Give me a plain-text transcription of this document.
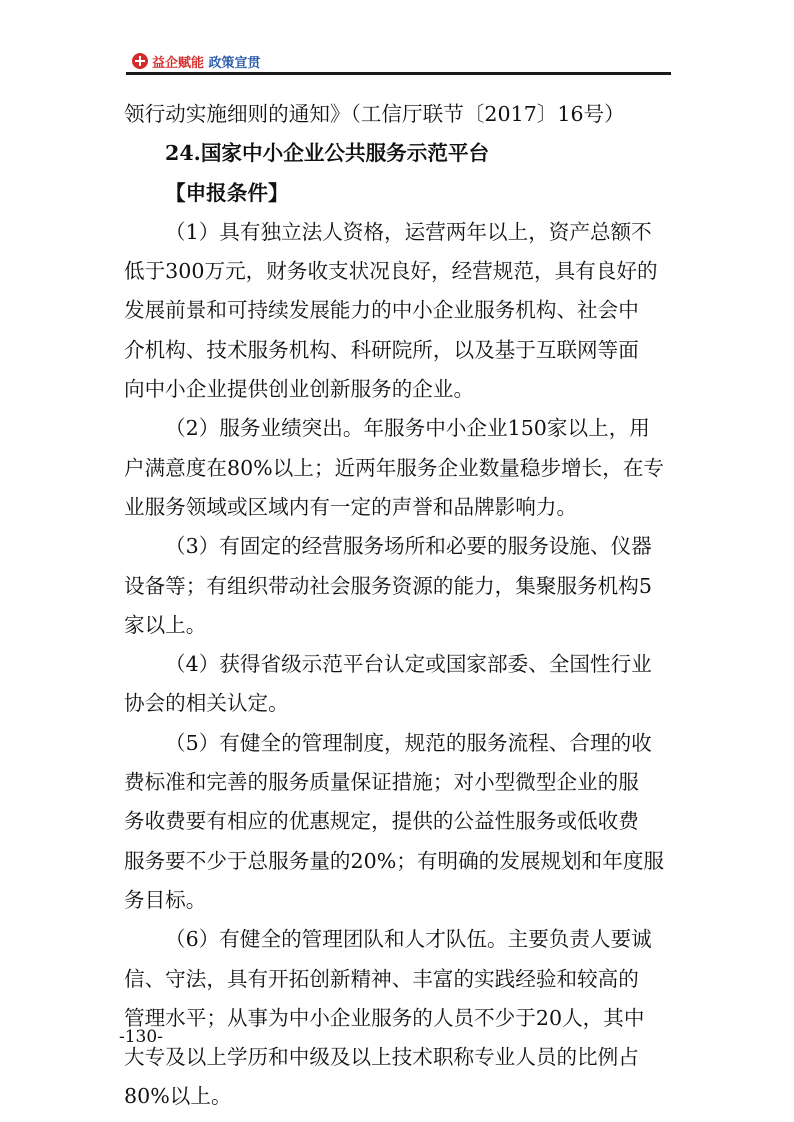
益企赋能 政策宣贯
领行动实施细则的通知》（工信厅联节〔2017〕16号）
24.国家中小企业公共服务示范平台
【申报条件】
（1）具有独立法人资格，运营两年以上，资产总额不
低于300万元，财务收支状况良好，经营规范，具有良好的
发展前景和可持续发展能力的中小企业服务机构、社会中
介机构、技术服务机构、科研院所，以及基于互联网等面
向中小企业提供创业创新服务的企业。
（2）服务业绩突出。年服务中小企业150家以上，用
户满意度在80%以上；近两年服务企业数量稳步增长，在专
业服务领域或区域内有一定的声誉和品牌影响力。
（3）有固定的经营服务场所和必要的服务设施、仪器
设备等；有组织带动社会服务资源的能力，集聚服务机构5
家以上。
（4）获得省级示范平台认定或国家部委、全国性行业
协会的相关认定。
（5）有健全的管理制度，规范的服务流程、合理的收
费标准和完善的服务质量保证措施；对小型微型企业的服
务收费要有相应的优惠规定，提供的公益性服务或低收费
服务要不少于总服务量的20%；有明确的发展规划和年度服
务目标。
（6）有健全的管理团队和人才队伍。主要负责人要诚
信、守法，具有开拓创新精神、丰富的实践经验和较高的
管理水平；从事为中小企业服务的人员不少于20人，其中
大专及以上学历和中级及以上技术职称专业人员的比例占
80%以上。
-130-
